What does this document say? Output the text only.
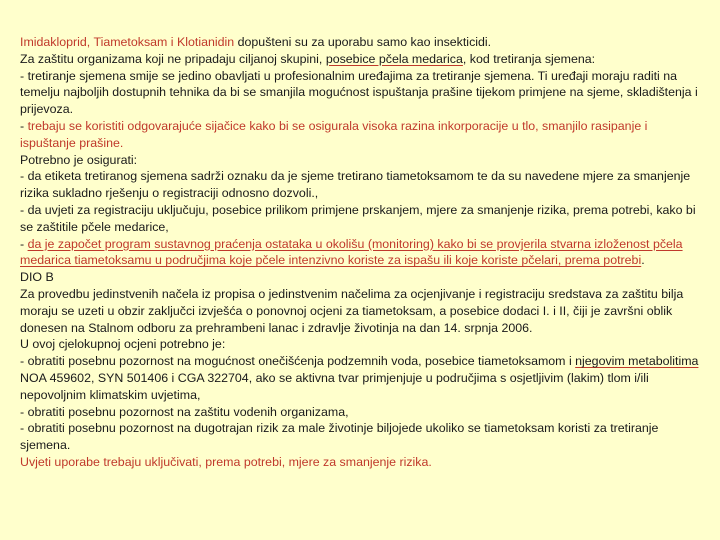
Imidakloprid, Tiametoksam i Klotianidin dopušteni su za uporabu samo kao insekticidi.

Za zaštitu organizama koji ne pripadaju ciljanoj skupini, posebice pčela medarica, kod tretiranja sjemena:

- tretiranje sjemena smije se jedino obavljati u profesionalnim uređajima za tretiranje sjemena. Ti uređaji moraju raditi na temelju najboljih dostupnih tehnika da bi se smanjila mogućnost ispuštanja prašine tijekom primjene na sjeme, skladištenja i prijevoza.

- trebaju se koristiti odgovarajuće sijačice kako bi se osigurala visoka razina inkorporacije u tlo, smanjilo rasipanje i ispuštanje prašine.

Potrebno je osigurati:

- da etiketa tretiranog sjemena sadrži oznaku da je sjeme tretirano tiametoksamom te da su navedene mjere za smanjenje rizika sukladno rješenju o registraciji odnosno dozvoli.,

- da uvjeti za registraciju uključuju, posebice prilikom primjene prskanjem, mjere za smanjenje rizika, prema potrebi, kako bi se zaštitile pčele medarice,

- da je započet program sustavnog praćenja ostataka u okolišu (monitoring) kako bi se provjerila stvarna izloženost pčela medarica tiametoksamu u područjima koje pčele intenzivno koriste za ispašu ili koje koriste pčelari, prema potrebi.

DIO B

Za provedbu jedinstvenih načela iz propisa o jedinstvenim načelima za ocjenjivanje i registraciju sredstava za zaštitu bilja moraju se uzeti u obzir zaključci izvješća o ponovnoj ocjeni za tiametoksam, a posebice dodaci I. i II, čiji je završni oblik donesen na Stalnom odboru za prehrambeni lanac i zdravlje životinja na dan 14. srpnja 2006.

U ovoj cjelokupnoj ocjeni potrebno je:

- obratiti posebnu pozornost na mogućnost onečišćenja podzemnih voda, posebice tiametoksamom i njegovim metabolitima NOA 459602, SYN 501406 i CGA 322704, ako se aktivna tvar primjenjuje u područjima s osjetljivim (lakim) tlom i/ili nepovoljnim klimatskim uvjetima,

- obratiti posebnu pozornost na zaštitu vodenih organizama,

- obratiti posebnu pozornost na dugotrajan rizik za male životinje biljojede ukoliko se tiametoksam koristi za tretiranje sjemena.

Uvjeti uporabe trebaju uključivati, prema potrebi, mjere za smanjenje rizika.
